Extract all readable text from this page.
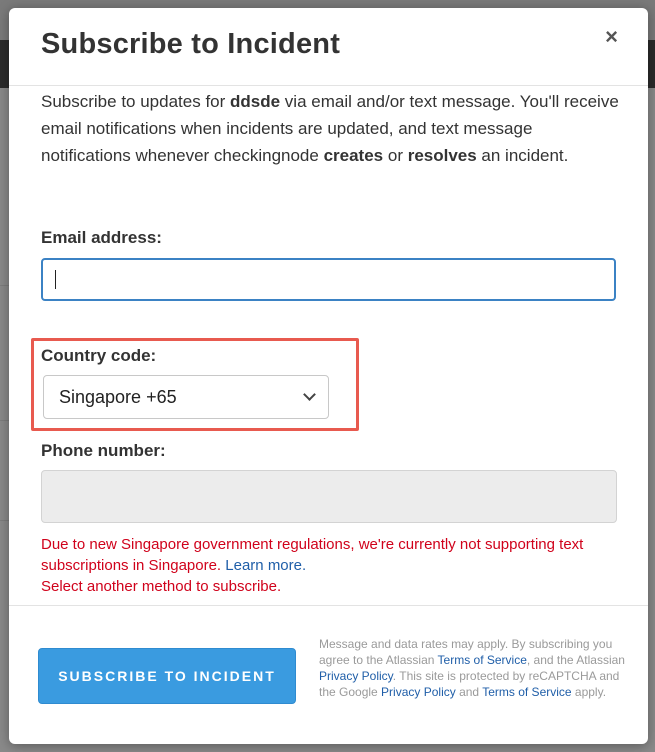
Subscribe to Incident	×

Subscribe to updates for ddsde via email and/or text message. You'll receive email notifications when incidents are updated, and text message notifications whenever checkingnode creates or resolves an incident.

Email address:
Country code:
Singapore +65
Phone number:

Due to new Singapore government regulations, we're currently not supporting text subscriptions in Singapore. Learn more.
Select another method to subscribe.

SUBSCRIBE TO INCIDENT

Message and data rates may apply. By subscribing you agree to the Atlassian Terms of Service, and the Atlassian Privacy Policy. This site is protected by reCAPTCHA and the Google Privacy Policy and Terms of Service apply.
